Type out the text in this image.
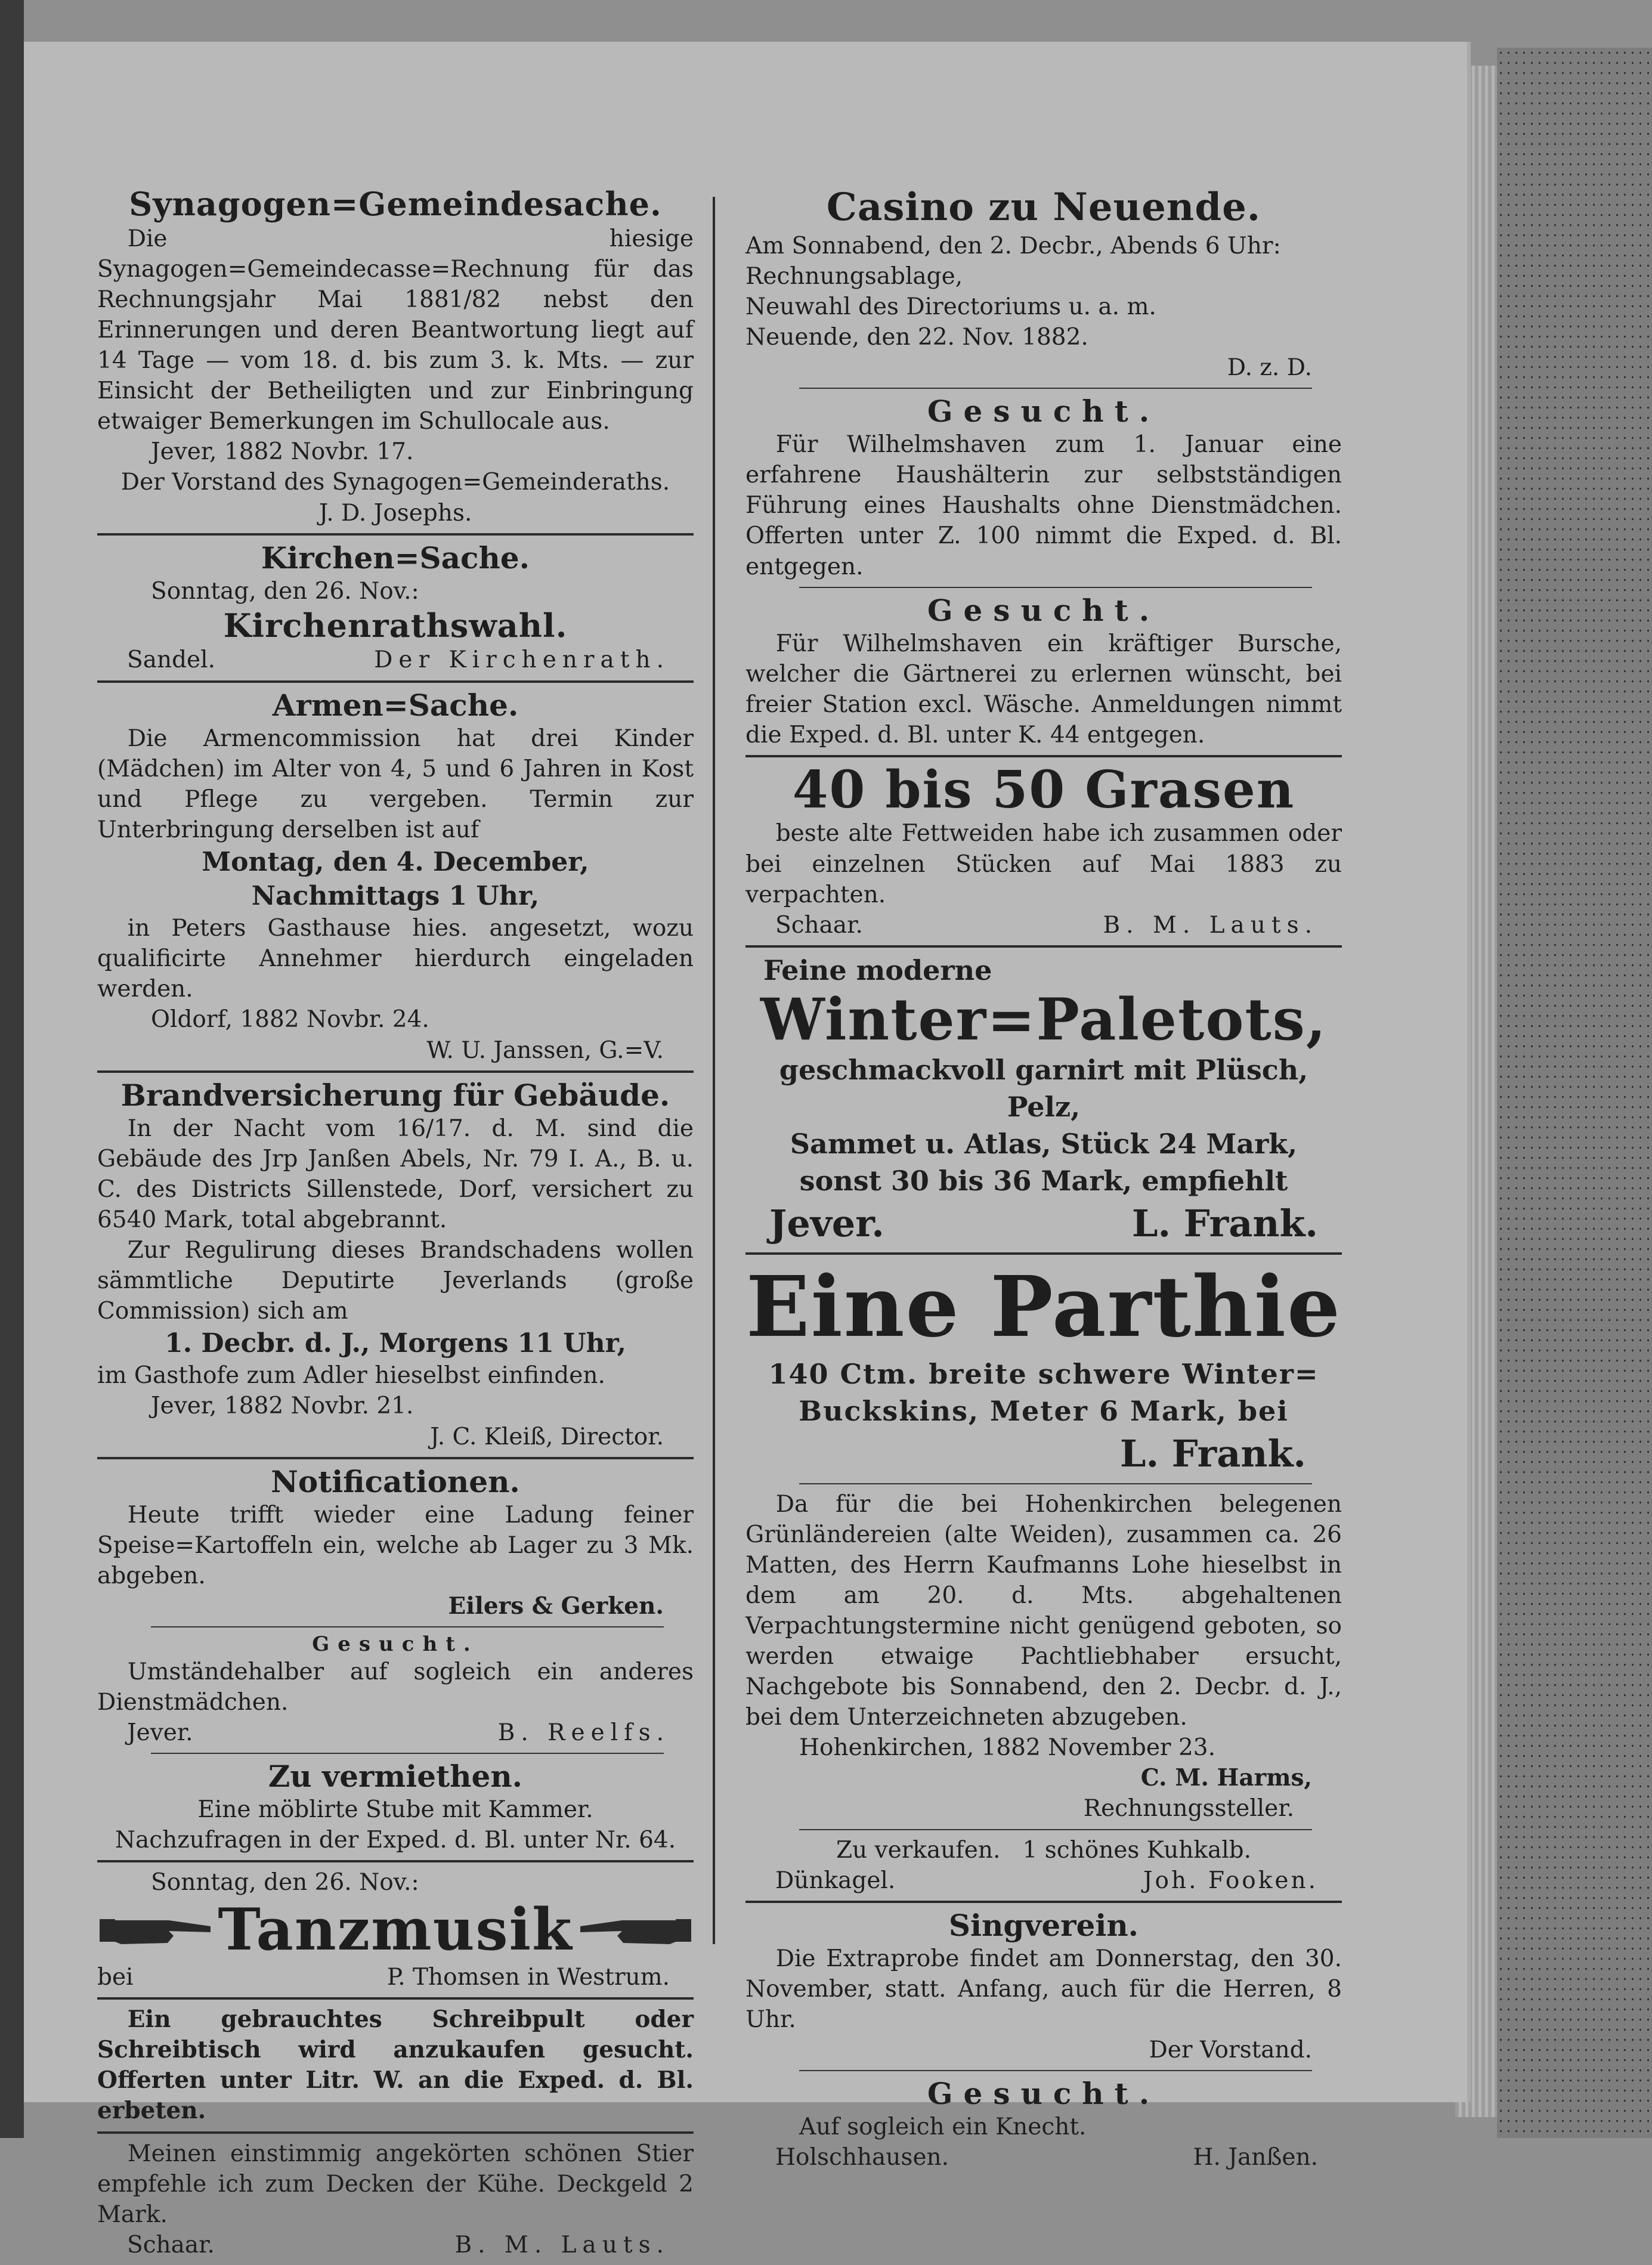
Synagogen=Gemeindesache.
Die hiesige Synagogen=Gemeindecasse=Rechnung für das Rechnungsjahr Mai 1881/82 nebst den Erinnerungen und deren Beantwortung liegt auf 14 Tage — vom 18. d. bis zum 3. k. Mts. — zur Einsicht der Betheiligten und zur Einbringung etwaiger Bemerkungen im Schullocale aus.
Jever, 1882 Novbr. 17.
Der Vorstand des Synagogen=Gemeinderaths.
J. D. Josephs.
Kirchen=Sache.
Sonntag, den 26. Nov.:
Kirchenrathswahl.
Sandel.	Der Kirchenrath.
Armen=Sache.
Die Armencommission hat drei Kinder (Mädchen) im Alter von 4, 5 und 6 Jahren in Kost und Pflege zu vergeben. Termin zur Unterbringung derselben ist auf
Montag, den 4. December,
Nachmittags 1 Uhr,
in Peters Gasthause hies. angesetzt, wozu qualificirte Annehmer hierdurch eingeladen werden.
Oldorf, 1882 Novbr. 24.
W. U. Janssen, G.=V.
Brandversicherung für Gebäude.
In der Nacht vom 16/17. d. M. sind die Gebäude des Jrp Janßen Abels, Nr. 79 I. A., B. u. C. des Districts Sillenstede, Dorf, versichert zu 6540 Mark, total abgebrannt.
Zur Regulirung dieses Brandschadens wollen sämmtliche Deputirte Jeverlands (große Commission) sich am
1. Decbr. d. J., Morgens 11 Uhr,
im Gasthofe zum Adler hieselbst einfinden.
Jever, 1882 Novbr. 21.
J. C. Kleiß, Director.
Notificationen.
Heute trifft wieder eine Ladung feiner Speise=Kartoffeln ein, welche ab Lager zu 3 Mk. abgeben.
Eilers & Gerken.
Gesucht.
Umständehalber auf sogleich ein anderes Dienstmädchen.
Jever.	B. Reelfs.
Zu vermiethen.
Eine möblirte Stube mit Kammer.
Nachzufragen in der Exped. d. Bl. unter Nr. 64.
Sonntag, den 26. Nov.:
Tanzmusik
bei	P. Thomsen in Westrum.
Ein gebrauchtes Schreibpult oder Schreibtisch wird anzukaufen gesucht. Offerten unter Litr. W. an die Exped. d. Bl. erbeten.
Meinen einstimmig angekörten schönen Stier empfehle ich zum Decken der Kühe. Deckgeld 2 Mark.
Schaar.	B. M. Lauts.
Casino zu Neuende.
Am Sonnabend, den 2. Decbr., Abends 6 Uhr:
Rechnungsablage,
Neuwahl des Directoriums u. a. m.
Neuende, den 22. Nov. 1882.
D. z. D.
Gesucht.
Für Wilhelmshaven zum 1. Januar eine erfahrene Haushälterin zur selbstständigen Führung eines Haushalts ohne Dienstmädchen. Offerten unter Z. 100 nimmt die Exped. d. Bl. entgegen.
Gesucht.
Für Wilhelmshaven ein kräftiger Bursche, welcher die Gärtnerei zu erlernen wünscht, bei freier Station excl. Wäsche. Anmeldungen nimmt die Exped. d. Bl. unter K. 44 entgegen.
40 bis 50 Grasen
beste alte Fettweiden habe ich zusammen oder bei einzelnen Stücken auf Mai 1883 zu verpachten.
Schaar.	B. M. Lauts.
Feine moderne
Winter=Paletots,
geschmackvoll garnirt mit Plüsch, Pelz,
Sammet u. Atlas, Stück 24 Mark,
sonst 30 bis 36 Mark, empfiehlt
Jever.	L. Frank.
Eine Parthie
140 Ctm. breite schwere Winter=
Buckskins, Meter 6 Mark, bei
L. Frank.
Da für die bei Hohenkirchen belegenen Grünländereien (alte Weiden), zusammen ca. 26 Matten, des Herrn Kaufmanns Lohe hieselbst in dem am 20. d. Mts. abgehaltenen Verpachtungstermine nicht genügend geboten, so werden etwaige Pachtliebhaber ersucht, Nachgebote bis Sonnabend, den 2. Decbr. d. J., bei dem Unterzeichneten abzugeben.
Hohenkirchen, 1882 November 23.
C. M. Harms,
Rechnungssteller.
Zu verkaufen.   1 schönes Kuhkalb.
Dünkagel.	Joh. Fooken.
Singverein.
Die Extraprobe findet am Donnerstag, den 30. November, statt. Anfang, auch für die Herren, 8 Uhr.
Der Vorstand.
Gesucht.
Auf sogleich ein Knecht.
Holschhausen.	H. Janßen.
